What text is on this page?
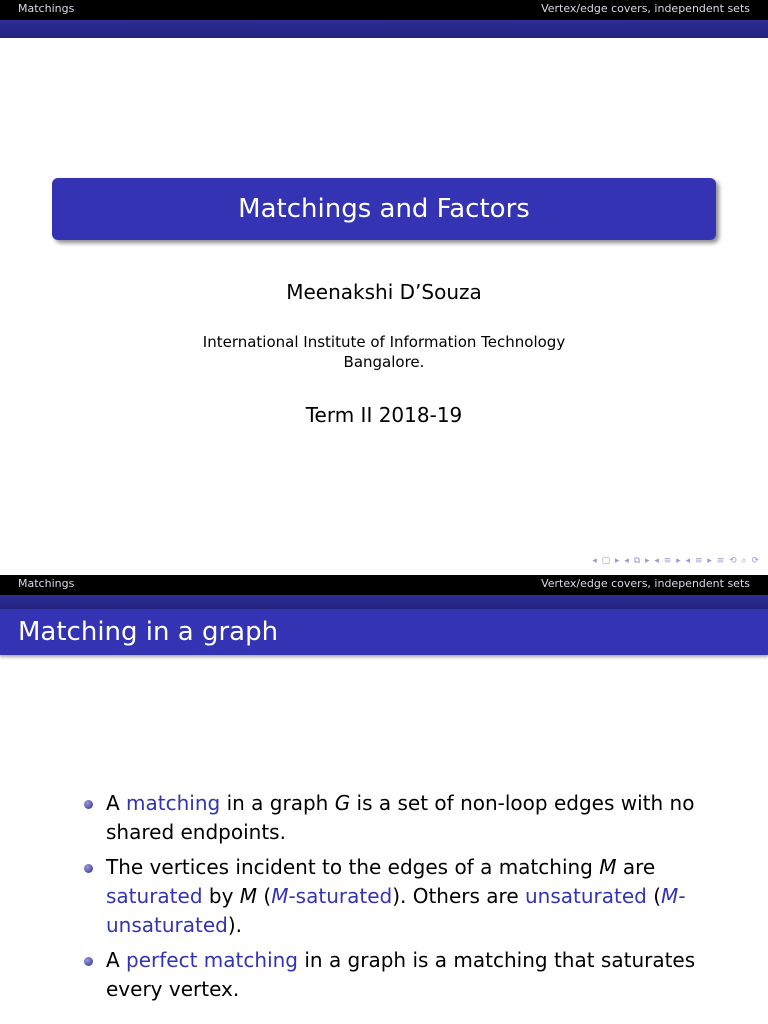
Matchings	Vertex/edge covers, independent sets
Matchings and Factors
Meenakshi D’Souza
International Institute of Information Technology
Bangalore.
Term II 2018-19
◂ ▢ ▸ ◂ ⧉ ▸ ◂ ≡ ▸ ◂ ≡ ▸ ≡ ⟲ ⌕ ⟳
Matchings	Vertex/edge covers, independent sets
Matching in a graph
A matching in a graph G is a set of non-loop edges with no shared endpoints.
The vertices incident to the edges of a matching M are saturated by M (M-saturated). Others are unsaturated (M-unsaturated).
A perfect matching in a graph is a matching that saturates every vertex.
